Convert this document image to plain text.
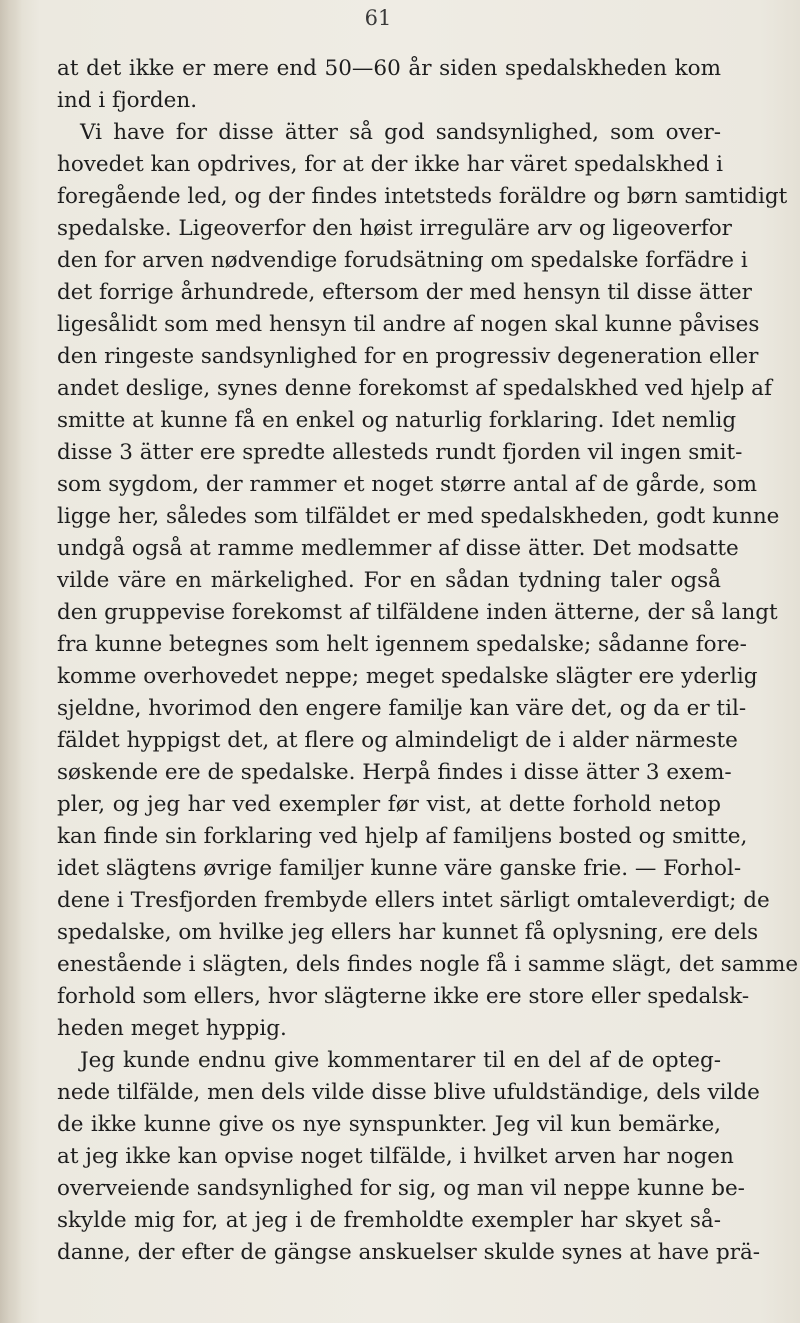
61
at det ikke er mere end 50—60 år siden spedalskheden kom
ind i fjorden.
Vi have for disse ätter så god sandsynlighed, som over-
hovedet kan opdrives, for at der ikke har väret spedalskhed i
foregående led, og der findes intetsteds foräldre og børn samtidigt
spedalske. Ligeoverfor den høist irreguläre arv og ligeoverfor
den for arven nødvendige forudsätning om spedalske forfädre i
det forrige århundrede, eftersom der med hensyn til disse ätter
ligesålidt som med hensyn til andre af nogen skal kunne påvises
den ringeste sandsynlighed for en progressiv degeneration eller
andet deslige, synes denne forekomst af spedalskhed ved hjelp af
smitte at kunne få en enkel og naturlig forklaring. Idet nemlig
disse 3 ätter ere spredte allesteds rundt fjorden vil ingen smit-
som sygdom, der rammer et noget større antal af de gårde, som
ligge her, således som tilfäldet er med spedalskheden, godt kunne
undgå også at ramme medlemmer af disse ätter. Det modsatte
vilde väre en märkelighed. For en sådan tydning taler også
den gruppevise forekomst af tilfäldene inden ätterne, der så langt
fra kunne betegnes som helt igennem spedalske; sådanne fore-
komme overhovedet neppe; meget spedalske slägter ere yderlig
sjeldne, hvorimod den engere familje kan väre det, og da er til-
fäldet hyppigst det, at flere og almindeligt de i alder närmeste
søskende ere de spedalske. Herpå findes i disse ätter 3 exem-
pler, og jeg har ved exempler før vist, at dette forhold netop
kan finde sin forklaring ved hjelp af familjens bosted og smitte,
idet slägtens øvrige familjer kunne väre ganske frie. — Forhol-
dene i Tresfjorden frembyde ellers intet särligt omtaleverdigt; de
spedalske, om hvilke jeg ellers har kunnet få oplysning, ere dels
enestående i slägten, dels findes nogle få i samme slägt, det samme
forhold som ellers, hvor slägterne ikke ere store eller spedalsk-
heden meget hyppig.
Jeg kunde endnu give kommentarer til en del af de opteg-
nede tilfälde, men dels vilde disse blive ufuldständige, dels vilde
de ikke kunne give os nye synspunkter. Jeg vil kun bemärke,
at jeg ikke kan opvise noget tilfälde, i hvilket arven har nogen
overveiende sandsynlighed for sig, og man vil neppe kunne be-
skylde mig for, at jeg i de fremholdte exempler har skyet så-
danne, der efter de gängse anskuelser skulde synes at have prä-
